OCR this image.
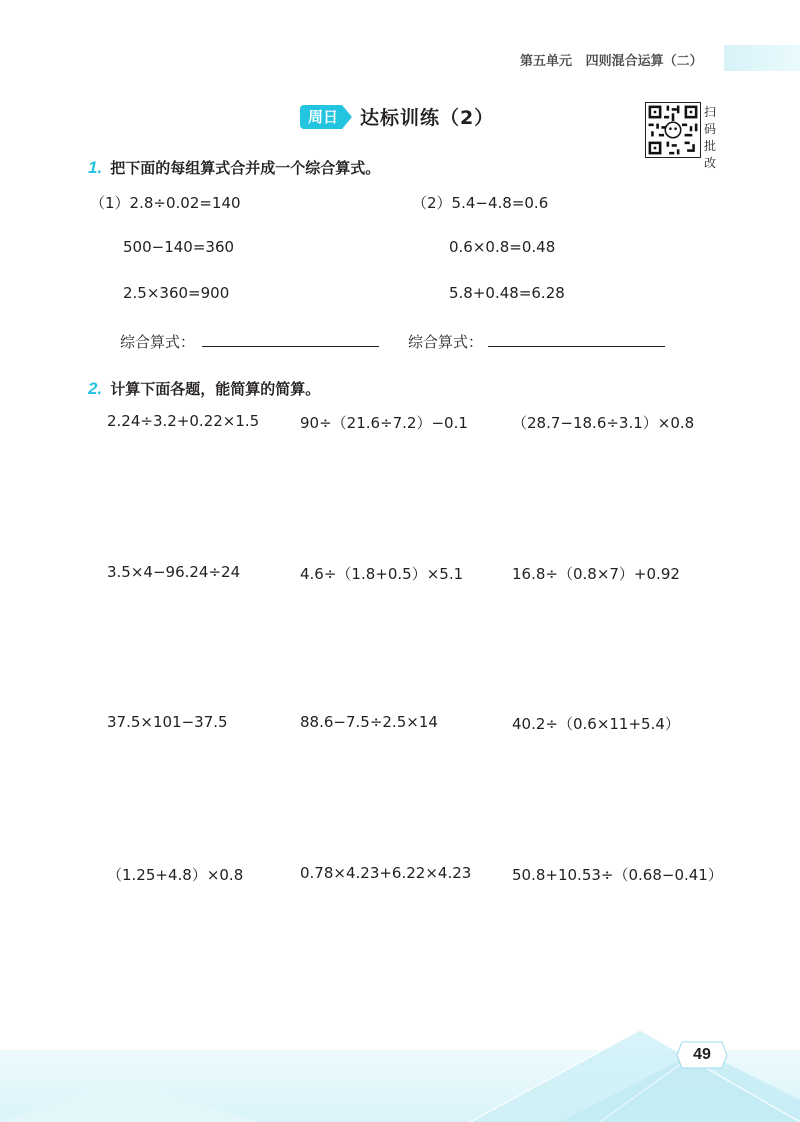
第五单元 四则混合运算（二）
周日 达标训练（2）	扫码批改
1. 把下面的每组算式合并成一个综合算式。
（1）2.8÷0.02=140
500−140=360
2.5×360=900
（2）5.4−4.8=0.6
0.6×0.8=0.48
5.8+0.48=6.28
综合算式：	综合算式：
2. 计算下面各题，能简算的简算。
2.24÷3.2+0.22×1.5	90÷（21.6÷7.2）−0.1	（28.7−18.6÷3.1）×0.8
3.5×4−96.24÷24	4.6÷（1.8+0.5）×5.1	16.8÷（0.8×7）+0.92
37.5×101−37.5	88.6−7.5÷2.5×14	40.2÷（0.6×11+5.4）
（1.25+4.8）×0.8	0.78×4.23+6.22×4.23	50.8+10.53÷（0.68−0.41）
49
